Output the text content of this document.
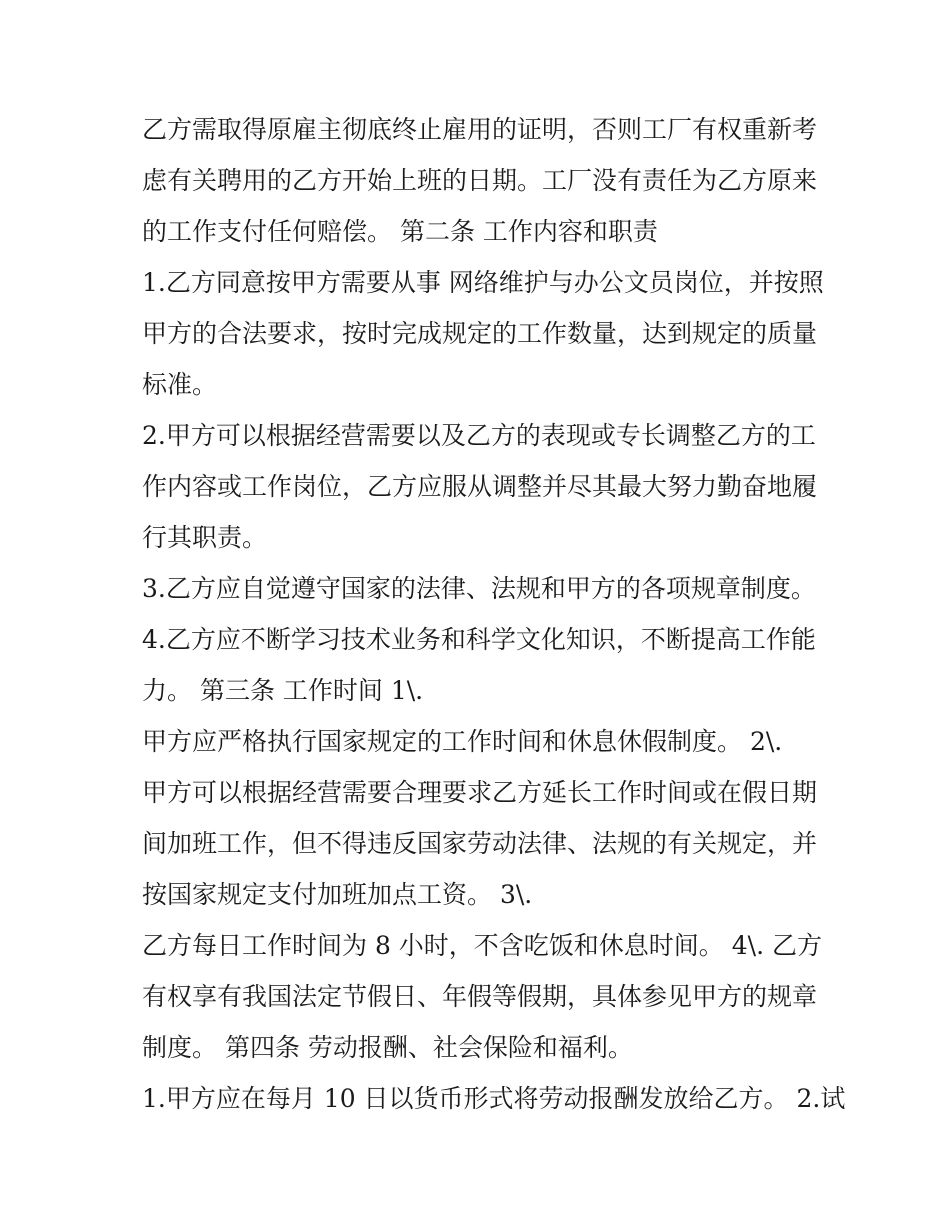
乙方需取得原雇主彻底终止雇用的证明，否则工厂有权重新考
虑有关聘用的乙方开始上班的日期。工厂没有责任为乙方原来
的工作支付任何赔偿。 第二条 工作内容和职责
1.乙方同意按甲方需要从事 网络维护与办公文员岗位，并按照
甲方的合法要求，按时完成规定的工作数量，达到规定的质量
标准。
2.甲方可以根据经营需要以及乙方的表现或专长调整乙方的工
作内容或工作岗位，乙方应服从调整并尽其最大努力勤奋地履
行其职责。
3.乙方应自觉遵守国家的法律、法规和甲方的各项规章制度。
4.乙方应不断学习技术业务和科学文化知识，不断提高工作能
力。 第三条 工作时间 1\.
甲方应严格执行国家规定的工作时间和休息休假制度。 2\.
甲方可以根据经营需要合理要求乙方延长工作时间或在假日期
间加班工作，但不得违反国家劳动法律、法规的有关规定，并
按国家规定支付加班加点工资。 3\.
乙方每日工作时间为 8 小时，不含吃饭和休息时间。 4\. 乙方
有权享有我国法定节假日、年假等假期，具体参见甲方的规章
制度。 第四条 劳动报酬、社会保险和福利。
1.甲方应在每月 10 日以货币形式将劳动报酬发放给乙方。 2.试
